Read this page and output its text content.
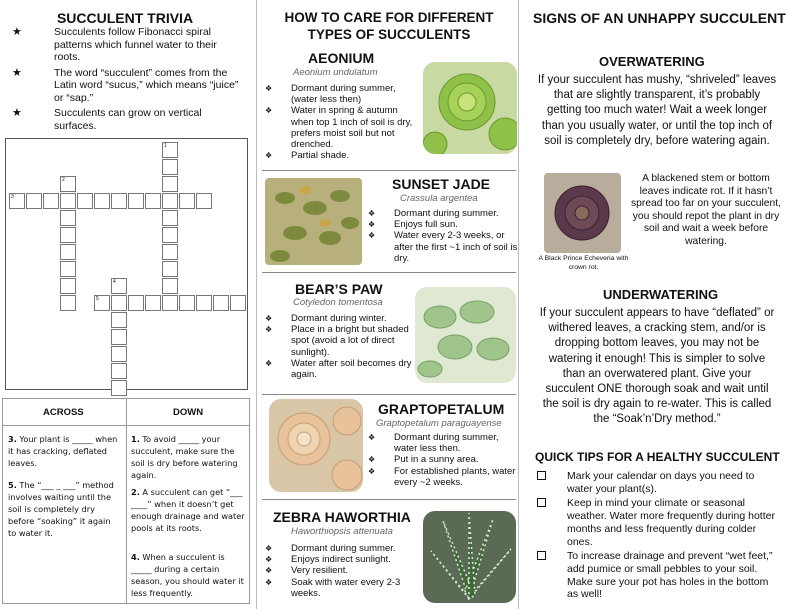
SUCCULENT TRIVIA
★	Succulents follow Fibonacci spiral patterns which funnel water to their roots.
★	The word “succulent” comes from the Latin word “sucus,” which means “juice” or “sap.”
★	Succulents can grow on vertical surfaces.
1
2
3
4
5
ACROSS	DOWN
3. Your plant is _____ when it has cracking, deflated leaves.
5. The “___ _ ___” method involves waiting until the soil is completely dry before “soaking” it again to water it.
1. To avoid _____ your succulent, make sure the soil is dry before watering again.
2. A succulent can get “___ ____” when it doesn’t get enough drainage and water pools at its roots.
4. When a succulent is _____ during a certain season, you should water it less frequently.
HOW TO CARE FOR DIFFERENT TYPES OF SUCCULENTS
AEONIUM
Aeonium undulatum
❖ Dormant during summer, (water less then)
❖ Water in spring & autumn when top 1 inch of soil is dry, prefers moist soil but not drenched.
❖ Partial shade.
SUNSET JADE
Crassula argentea
❖ Dormant during summer.
❖ Enjoys full sun.
❖ Water every 2-3 weeks, or after the first ~1 inch of soil is dry.
BEAR’S PAW
Cotyledon tomentosa
❖ Dormant during winter.
❖ Place in a bright but shaded spot (avoid a lot of direct sunlight).
❖ Water after soil becomes dry again.
GRAPTOPETALUM
Graptopetalum paraguayense
❖ Dormant during summer, water less then.
❖ Put in a sunny area.
❖ For established plants, water every ~2 weeks.
ZEBRA HAWORTHIA
Haworthiopsis attenuata
❖ Dormant during summer.
❖ Enjoys indirect sunlight.
❖ Very resilient.
❖ Soak with water every 2-3 weeks.
SIGNS OF AN UNHAPPY SUCCULENT
OVERWATERING
If your succulent has mushy, “shriveled” leaves that are slightly transparent, it’s probably getting too much water! Wait a week longer than you usually water, or until the top inch of soil is completely dry, before watering again.
A Black Prince Echeveria with crown rot.
A blackened stem or bottom leaves indicate rot. If it hasn’t spread too far on your succulent, you should repot the plant in dry soil and wait a week before watering.
UNDERWATERING
If your succulent appears to have “deflated” or withered leaves, a cracking stem, and/or is dropping bottom leaves, you may not be watering it enough! This is simpler to solve than an overwatered plant. Give your succulent ONE thorough soak and wait until the soil is dry again to re-water. This is called the “Soak’n’Dry method.”
QUICK TIPS FOR A HEALTHY SUCCULENT
Mark your calendar on days you need to water your plant(s).
Keep in mind your climate or seasonal weather. Water more frequently during hotter months and less frequently during colder ones.
To increase drainage and prevent “wet feet,” add pumice or small pebbles to your soil. Make sure your pot has holes in the bottom as well!
